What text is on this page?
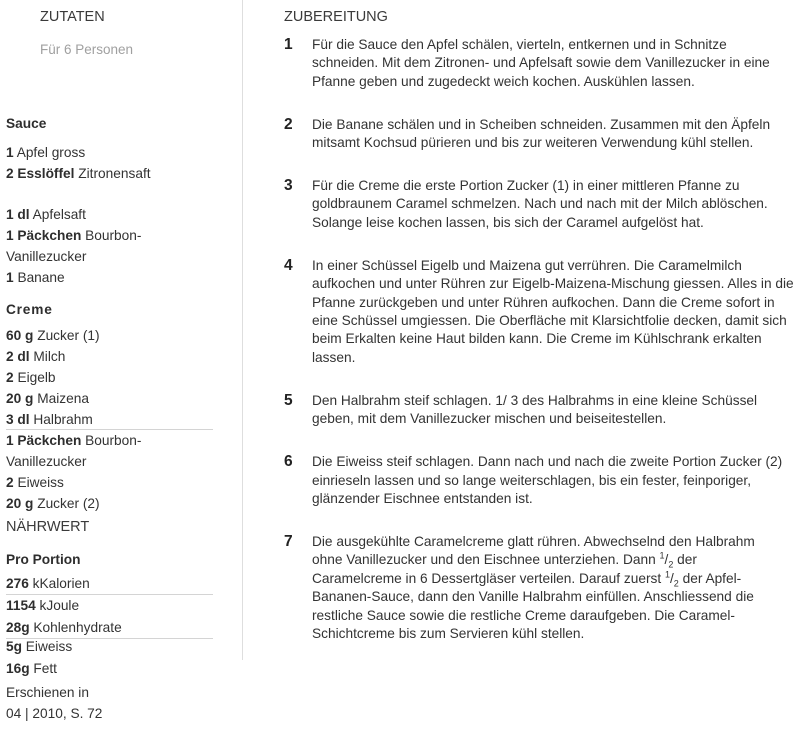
ZUTATEN
Für 6 Personen
Sauce
1 Apfel gross
2 Esslöffel Zitronensaft
1 dl Apfelsaft
1 Päckchen Bourbon-Vanillezucker
1 Banane
Creme
60 g Zucker (1)
2 dl Milch
2 Eigelb
20 g Maizena
3 dl Halbrahm
1 Päckchen Bourbon-Vanillezucker
2 Eiweiss
20 g Zucker (2)
NÄHRWERT
Pro Portion
276 kKalorien
1154 kJoule
28g Kohlenhydrate
5g Eiweiss
16g Fett
Erschienen in
04 | 2010, S. 72
ZUBEREITUNG
1 Für die Sauce den Apfel schälen, vierteln, entkernen und in Schnitze
schneiden. Mit dem Zitronen- und Apfelsaft sowie dem Vanillezucker in eine
Pfanne geben und zugedeckt weich kochen. Auskühlen lassen.
2 Die Banane schälen und in Scheiben schneiden. Zusammen mit den Äpfeln
mitsamt Kochsud pürieren und bis zur weiteren Verwendung kühl stellen.
3 Für die Creme die erste Portion Zucker (1) in einer mittleren Pfanne zu
goldbraunem Caramel schmelzen. Nach und nach mit der Milch ablöschen.
Solange leise kochen lassen, bis sich der Caramel aufgelöst hat.
4 In einer Schüssel Eigelb und Maizena gut verrühren. Die Caramelmilch
aufkochen und unter Rühren zur Eigelb-Maizena-Mischung giessen. Alles in die
Pfanne zurückgeben und unter Rühren aufkochen. Dann die Creme sofort in
eine Schüssel umgiessen. Die Oberfläche mit Klarsichtfolie decken, damit sich
beim Erkalten keine Haut bilden kann. Die Creme im Kühlschrank erkalten
lassen.
5 Den Halbrahm steif schlagen. 1/ 3 des Halbrahms in eine kleine Schüssel
geben, mit dem Vanillezucker mischen und beiseitestellen.
6 Die Eiweiss steif schlagen. Dann nach und nach die zweite Portion Zucker (2)
einrieseln lassen und so lange weiterschlagen, bis ein fester, feinporiger,
glänzender Eischnee entstanden ist.
7 Die ausgekühlte Caramelcreme glatt rühren. Abwechselnd den Halbrahm
ohne Vanillezucker und den Eischnee unterziehen. Dann $^1/_2$ der
Caramelcreme in 6 Dessertgläser verteilen. Darauf zuerst $^1/_2$ der Apfel-
Bananen-Sauce, dann den Vanille Halbrahm einfüllen. Anschliessend die
restliche Sauce sowie die restliche Creme daraufgeben. Die Caramel-
Schichtcreme bis zum Servieren kühl stellen.
